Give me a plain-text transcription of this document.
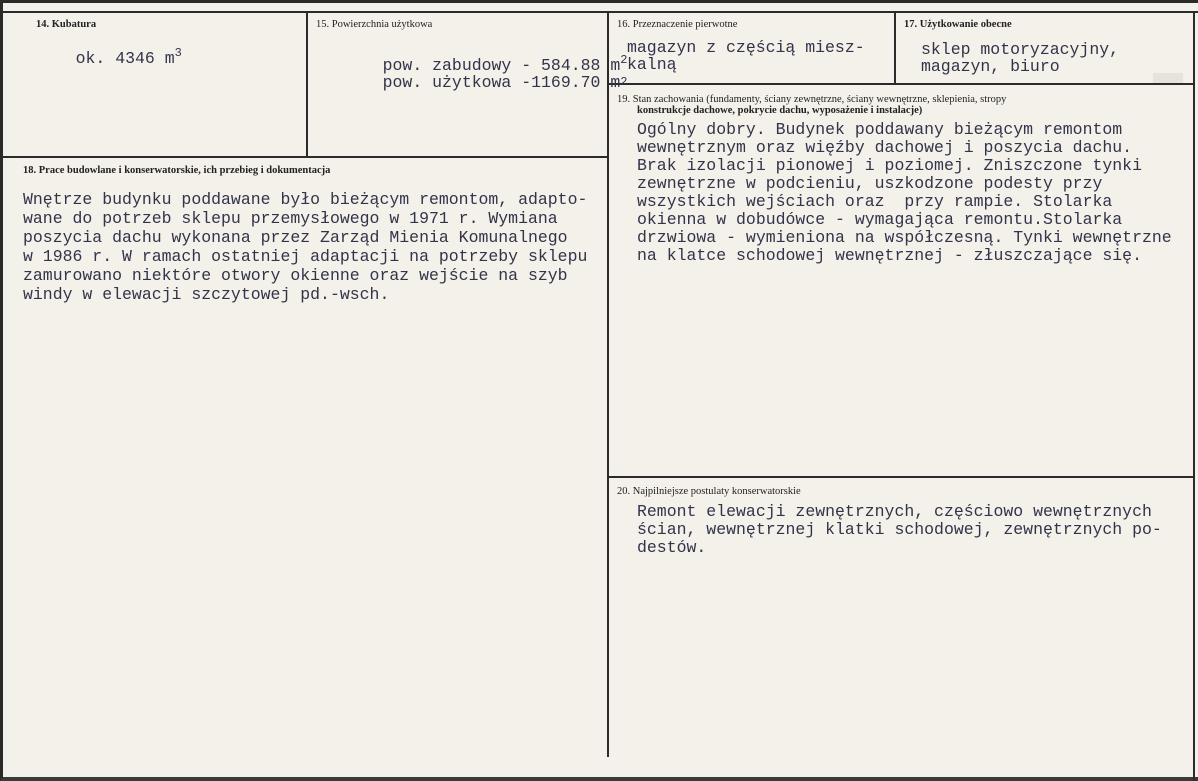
14. Kubatura

ok. 4346 $m^3$

15. Powierzchnia użytkowa

pow. zabudowy - 584.88 $m^2$

pow. użytkowa -1169.70 m2

16. Przeznaczenie pierwotne
magazyn z częścią miesz-
kalną
17. Użytkowanie obecne
sklep motoryzacyjny,
magazyn, biuro
18. Prace budowlane i konserwatorskie, ich przebieg i dokumentacja
Wnętrze budynku poddawane było bieżącym remontom, adapto-
wane do potrzeb sklepu przemysłowego w 1971 r. Wymiana
poszycia dachu wykonana przez Zarząd Mienia Komunalnego
w 1986 r. W ramach ostatniej adaptacji na potrzeby sklepu
zamurowano niektóre otwory okienne oraz wejście na szyb
windy w elewacji szczytowej pd.-wsch.
19. Stan zachowania (fundamenty, ściany zewnętrzne, ściany wewnętrzne, sklepienia, stropy
konstrukcje dachowe, pokrycie dachu, wyposażenie i instalacje)
Ogólny dobry. Budynek poddawany bieżącym remontom
wewnętrznym oraz więźby dachowej i poszycia dachu.
Brak izolacji pionowej i poziomej. Zniszczone tynki
zewnętrzne w podcieniu, uszkodzone podesty przy
wszystkich wejściach oraz  przy rampie. Stolarka
okienna w dobudówce - wymagająca remontu.Stolarka
drzwiowa - wymieniona na współczesną. Tynki wewnętrzne
na klatce schodowej wewnętrznej - złuszczające się.
20. Najpilniejsze postulaty konserwatorskie
Remont elewacji zewnętrznych, częściowo wewnętrznych
ścian, wewnętrznej klatki schodowej, zewnętrznych po-
destów.
